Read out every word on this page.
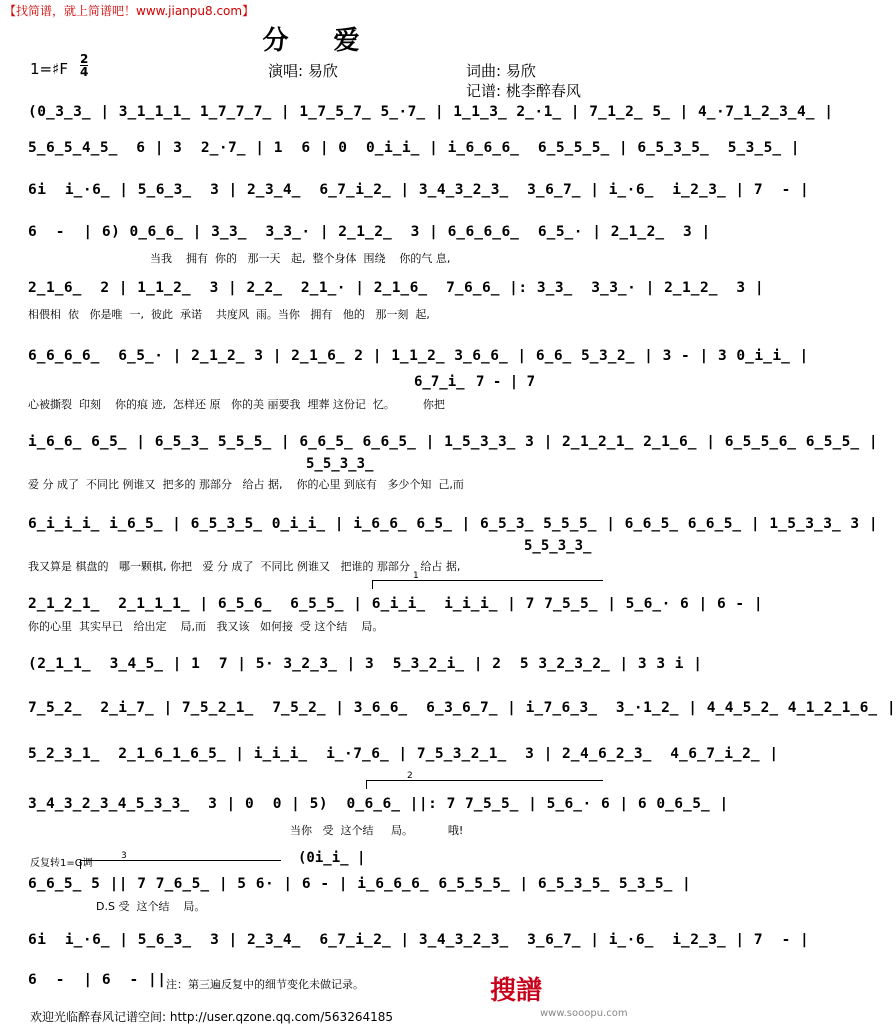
【找简谱，就上简谱吧！www.jianpu8.com】
分 爱
1=♯F $\frac{2}{4}$	演唱: 易欣	词曲: 易欣
记谱: 桃李醉春风
(0̲3̲3̲ | 3̲1̲1̲1̲ 1̲7̲7̲7̲ | 1̲7̲5̲7̲ 5̲·7̲ | 1̲1̲3̲ 2̲·1̲ | 7̲1̲2̲ 5̲ | 4̲·7̲1̲2̲3̲4̲ |
5̲6̲5̲4̲5̲  6 | 3  2̲·7̲ | 1  6 | 0  0̲i̲i̲ | i̲6̲6̲6̲  6̲5̲5̲5̲ | 6̲5̲3̲5̲  5̲3̲5̲ |
6i  i̲·6̲ | 5̲6̲3̲  3 | 2̲3̲4̲  6̲7̲i̲2̲ | 3̲4̲3̲2̲3̲  3̲6̲7̲ | i̲·6̲  i̲2̲3̲ | 7  - |
6  -  | 6) 0̲6̲6̲ | 3̲3̲  3̲3̲· | 2̲1̲2̲  3 | 6̲6̲6̲6̲  6̲5̲· | 2̲1̲2̲  3 |
当我    拥有  你的   那一天   起,  整个身体  围绕    你的气 息,
2̲1̲6̲  2 | 1̲1̲2̲  3 | 2̲2̲  2̲1̲· | 2̲1̲6̲  7̲6̲6̲ |: 3̲3̲  3̲3̲· | 2̲1̲2̲  3 |
相偎相  依   你是唯  一,  彼此  承诺    共度风  雨。当你   拥有   他的   那一刻  起,
6̲6̲6̲6̲  6̲5̲· | 2̲1̲2̲ 3 | 2̲1̲6̲ 2 | 1̲1̲2̲ 3̲6̲6̲ | 6̲6̲ 5̲3̲2̲ | 3 - | 3 0̲i̲i̲ |
6̲7̲i̲ 7 - | 7
心被撕裂  印刻    你的痕 迹,  怎样还 原   你的美 丽要我  埋葬 这份记  忆。        你把
i̲6̲6̲ 6̲5̲ | 6̲5̲3̲ 5̲5̲5̲ | 6̲6̲5̲ 6̲6̲5̲ | 1̲5̲3̲3̲ 3 | 2̲1̲2̲1̲ 2̲1̲6̲ | 6̲5̲5̲6̲ 6̲5̲5̲ |
5̲5̲3̲3̲
爱 分 成了  不同比 例谁又  把多的 那部分   给占 据,    你的心里 到底有   多少个知  己,而
6̲i̲i̲i̲ i̲6̲5̲ | 6̲5̲3̲5̲ 0̲i̲i̲ | i̲6̲6̲ 6̲5̲ | 6̲5̲3̲ 5̲5̲5̲ | 6̲6̲5̲ 6̲6̲5̲ | 1̲5̲3̲3̲ 3 |
5̲5̲3̲3̲
我又算是 棋盘的   哪一颗棋, 你把   爱 分 成了  不同比 例谁又   把谁的 那部分   给占 据,
1
2̲1̲2̲1̲  2̲1̲1̲1̲ | 6̲5̲6̲  6̲5̲5̲ | 6̲i̲i̲  i̲i̲i̲ | 7 7̲5̲5̲ | 5̲6̲· 6 | 6 - |
你的心里  其实早已   给出定    局,而   我又该   如何接  受 这个结    局。
(2̲1̲1̲  3̲4̲5̲ | 1  7 | 5· 3̲2̲3̲ | 3  5̲3̲2̲i̲ | 2  5 3̲2̲3̲2̲ | 3 3 i |
7̲5̲2̲  2̲i̲7̲ | 7̲5̲2̲1̲  7̲5̲2̲ | 3̲6̲6̲  6̲3̲6̲7̲ | i̲7̲6̲3̲  3̲·1̲2̲ | 4̲4̲5̲2̲ 4̲1̲2̲1̲6̲ |
5̲2̲3̲1̲  2̲1̲6̲1̲6̲5̲ | i̲i̲i̲  i̲·7̲6̲ | 7̲5̲3̲2̲1̲  3 | 2̲4̲6̲2̲3̲  4̲6̲7̲i̲2̲ |
2
3̲4̲3̲2̲3̲4̲5̲3̲3̲  3 | 0  0 | 5)  0̲6̲6̲ ||: 7 7̲5̲5̲ | 5̲6̲· 6 | 6 0̲6̲5̲ |
当你   受  这个结     局。          哦!
反复转1=G调
3	(0i̲i̲ |
6̲6̲5̲ 5 || 7 7̲6̲5̲ | 5 6· | 6 - | i̲6̲6̲6̲ 6̲5̲5̲5̲ | 6̲5̲3̲5̲ 5̲3̲5̲ |
D.S 受  这个结    局。
6i  i̲·6̲ | 5̲6̲3̲  3 | 2̲3̲4̲  6̲7̲i̲2̲ | 3̲4̲3̲2̲3̲  3̲6̲7̲ | i̲·6̲  i̲2̲3̲ | 7  - |
6  -  | 6  - || 注：第三遍反复中的细节变化未做记录。	搜譜
www.sooopu.com
欢迎光临醉春风记谱空间: http://user.qzone.qq.com/563264185
